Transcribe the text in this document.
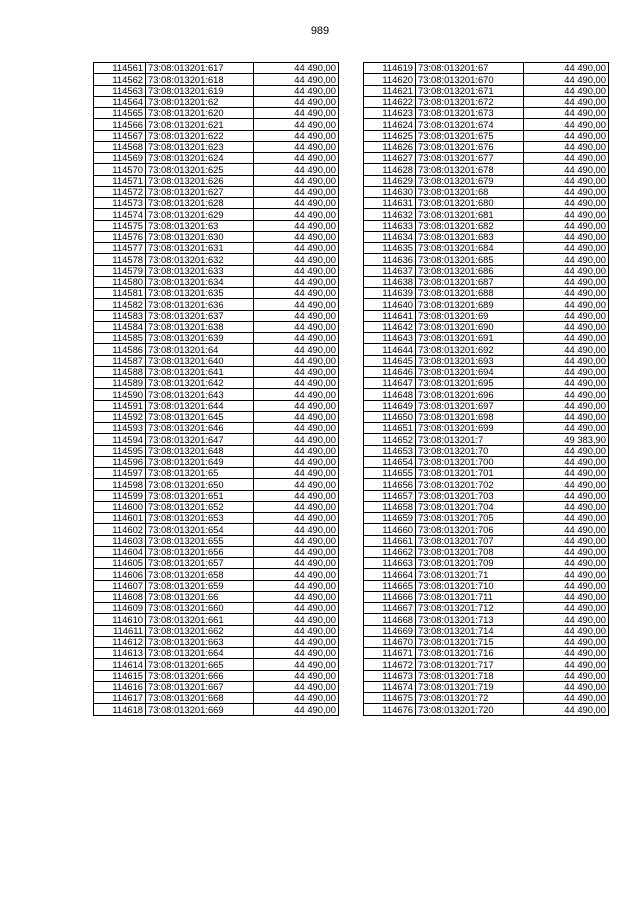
989
114561	73:08:013201:617	44 490,00
114562	73:08:013201:618	44 490,00
114563	73:08:013201:619	44 490,00
114564	73:08:013201:62	44 490,00
114565	73:08:013201:620	44 490,00
114566	73:08:013201:621	44 490,00
114567	73:08:013201:622	44 490,00
114568	73:08:013201:623	44 490,00
114569	73:08:013201:624	44 490,00
114570	73:08:013201:625	44 490,00
114571	73:08:013201:626	44 490,00
114572	73:08:013201:627	44 490,00
114573	73:08:013201:628	44 490,00
114574	73:08:013201:629	44 490,00
114575	73:08:013201:63	44 490,00
114576	73:08:013201:630	44 490,00
114577	73:08:013201:631	44 490,00
114578	73:08:013201:632	44 490,00
114579	73:08:013201:633	44 490,00
114580	73:08:013201:634	44 490,00
114581	73:08:013201:635	44 490,00
114582	73:08:013201:636	44 490,00
114583	73:08:013201:637	44 490,00
114584	73:08:013201:638	44 490,00
114585	73:08:013201:639	44 490,00
114586	73:08:013201:64	44 490,00
114587	73:08:013201:640	44 490,00
114588	73:08:013201:641	44 490,00
114589	73:08:013201:642	44 490,00
114590	73:08:013201:643	44 490,00
114591	73:08:013201:644	44 490,00
114592	73:08:013201:645	44 490,00
114593	73:08:013201:646	44 490,00
114594	73:08:013201:647	44 490,00
114595	73:08:013201:648	44 490,00
114596	73:08:013201:649	44 490,00
114597	73:08:013201:65	44 490,00
114598	73:08:013201:650	44 490,00
114599	73:08:013201:651	44 490,00
114600	73:08:013201:652	44 490,00
114601	73:08:013201:653	44 490,00
114602	73:08:013201:654	44 490,00
114603	73:08:013201:655	44 490,00
114604	73:08:013201:656	44 490,00
114605	73:08:013201:657	44 490,00
114606	73:08:013201:658	44 490,00
114607	73:08:013201:659	44 490,00
114608	73:08:013201:66	44 490,00
114609	73:08:013201:660	44 490,00
114610	73:08:013201:661	44 490,00
114611	73:08:013201:662	44 490,00
114612	73:08:013201:663	44 490,00
114613	73:08:013201:664	44 490,00
114614	73:08:013201:665	44 490,00
114615	73:08:013201:666	44 490,00
114616	73:08:013201:667	44 490,00
114617	73:08:013201:668	44 490,00
114618	73:08:013201:669	44 490,00
114619	73:08:013201:67	44 490,00
114620	73:08:013201:670	44 490,00
114621	73:08:013201:671	44 490,00
114622	73:08:013201:672	44 490,00
114623	73:08:013201:673	44 490,00
114624	73:08:013201:674	44 490,00
114625	73:08:013201:675	44 490,00
114626	73:08:013201:676	44 490,00
114627	73:08:013201:677	44 490,00
114628	73:08:013201:678	44 490,00
114629	73:08:013201:679	44 490,00
114630	73:08:013201:68	44 490,00
114631	73:08:013201:680	44 490,00
114632	73:08:013201:681	44 490,00
114633	73:08:013201:682	44 490,00
114634	73:08:013201:683	44 490,00
114635	73:08:013201:684	44 490,00
114636	73:08:013201:685	44 490,00
114637	73:08:013201:686	44 490,00
114638	73:08:013201:687	44 490,00
114639	73:08:013201:688	44 490,00
114640	73:08:013201:689	44 490,00
114641	73:08:013201:69	44 490,00
114642	73:08:013201:690	44 490,00
114643	73:08:013201:691	44 490,00
114644	73:08:013201:692	44 490,00
114645	73:08:013201:693	44 490,00
114646	73:08:013201:694	44 490,00
114647	73:08:013201:695	44 490,00
114648	73:08:013201:696	44 490,00
114649	73:08:013201:697	44 490,00
114650	73:08:013201:698	44 490,00
114651	73:08:013201:699	44 490,00
114652	73:08:013201:7	49 383,90
114653	73:08:013201:70	44 490,00
114654	73:08:013201:700	44 490,00
114655	73:08:013201:701	44 490,00
114656	73:08:013201:702	44 490,00
114657	73:08:013201:703	44 490,00
114658	73:08:013201:704	44 490,00
114659	73:08:013201:705	44 490,00
114660	73:08:013201:706	44 490,00
114661	73:08:013201:707	44 490,00
114662	73:08:013201:708	44 490,00
114663	73:08:013201:709	44 490,00
114664	73:08:013201:71	44 490,00
114665	73:08:013201:710	44 490,00
114666	73:08:013201:711	44 490,00
114667	73:08:013201:712	44 490,00
114668	73:08:013201:713	44 490,00
114669	73:08:013201:714	44 490,00
114670	73:08:013201:715	44 490,00
114671	73:08:013201:716	44 490,00
114672	73:08:013201:717	44 490,00
114673	73:08:013201:718	44 490,00
114674	73:08:013201:719	44 490,00
114675	73:08:013201:72	44 490,00
114676	73:08:013201:720	44 490,00
